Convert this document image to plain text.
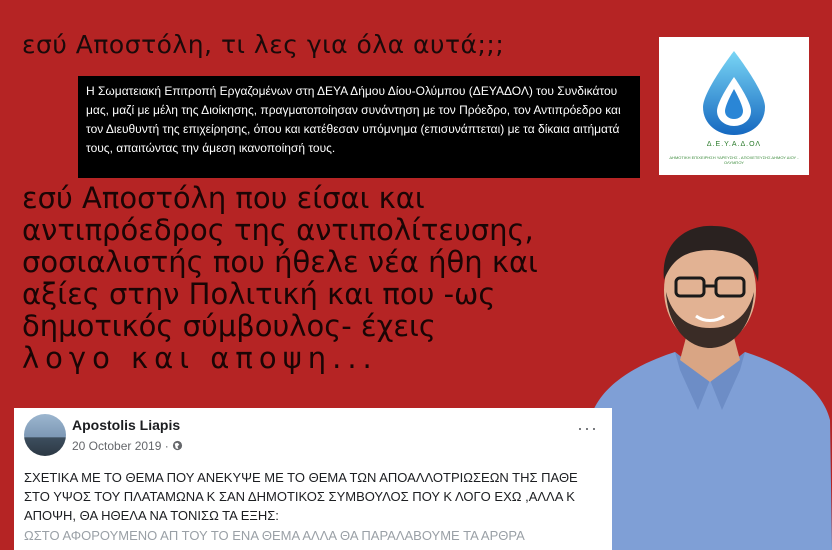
εσύ Αποστόλη, τι λες για όλα αυτά;;;
Η Σωματειακή Επιτροπή Εργαζομένων στη ΔΕΥΑ Δήμου Δίου-Ολύμπου (ΔΕΥΑΔΟΛ) του Συνδικάτου μας, μαζί με μέλη της Διοίκησης, πραγματοποίησαν συνάντηση με τον Πρόεδρο, τον Αντιπρόεδρο και τον Διευθυντή της επιχείρησης, όπου και κατέθεσαν υπόμνημα (επισυνάπτεται) με τα δίκαια αιτήματά τους, απαιτώντας την άμεση ικανοποίησή τους.	Δ.Ε.Υ.Α.Δ.ΟΛ
ΔΗΜΟΤΙΚΗ ΕΠΙΧΕΙΡΗΣΗ ΥΔΡΕΥΣΗΣ - ΑΠΟΧΕΤΕΥΣΗΣ ΔΗΜΟΥ ΔΙΟΥ - ΟΛΥΜΠΟΥ
εσύ Αποστόλη που είσαι και
αντιπρόεδρος της αντιπολίτευσης,
σοσιαλιστής που ήθελε νέα ήθη και
αξίες στην Πολιτική και που -ως
δημοτικός σύμβουλος- έχεις
λογο και αποψη...
Apostolis Liapis
20 October 2019 ·
···
ΣΧΕΤΙΚΑ ΜΕ ΤΟ ΘΕΜΑ ΠΟΥ ΑΝΕΚΥΨΕ ΜΕ ΤΟ ΘΕΜΑ ΤΩΝ ΑΠΟΑΛΛΟΤΡΙΩΣΕΩΝ ΤΗΣ ΠΑΘΕ ΣΤΟ ΥΨΟΣ ΤΟΥ ΠΛΑΤΑΜΩΝΑ Κ ΣΑΝ ΔΗΜΟΤΙΚΟΣ ΣΥΜΒΟΥΛΟΣ ΠΟΥ Κ ΛΟΓΟ ΕΧΩ ,ΑΛΛΑ Κ ΑΠΟΨΗ, ΘΑ ΗΘΕΛΑ ΝΑ ΤΟΝΙΣΩ ΤΑ ΕΞΗΣ:
ΩΣΤΟ ΑΦΟΡΟΥΜΕΝΟ ΑΠ ΤΟΥ ΤΟ ΕΝΑ ΘΕΜΑ ΑΛΛΑ ΘΑ ΠΑΡΑΛΑΒΟΥΜΕ ΤΑ ΑΡΘΡΑ
